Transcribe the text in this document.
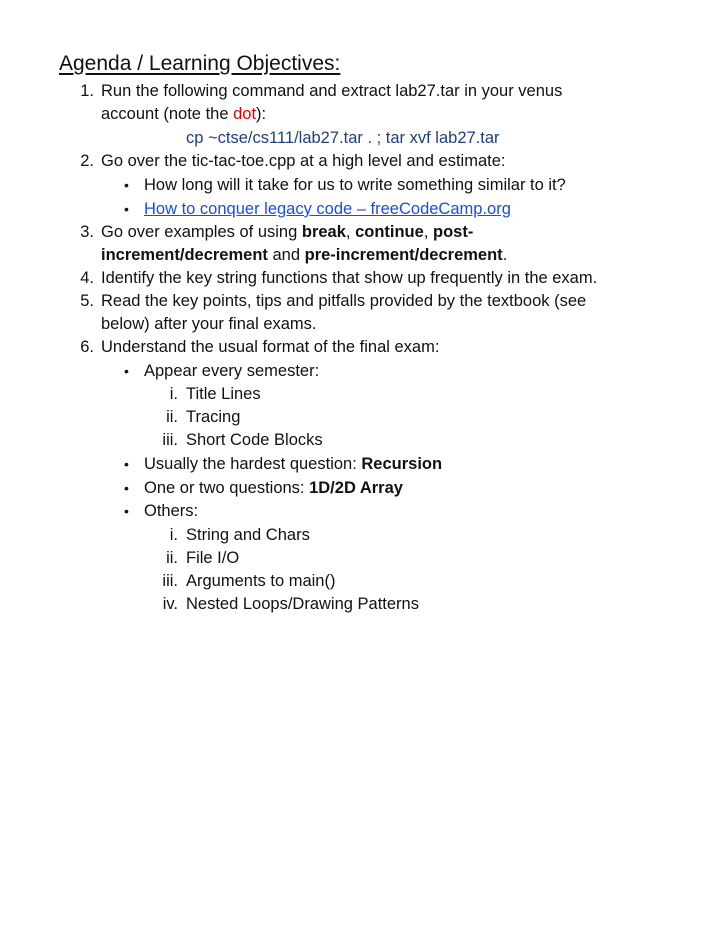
Agenda / Learning Objectives:
1. Run the following command and extract lab27.tar in your venus
account (note the dot):
cp ~ctse/cs111/lab27.tar . ; tar xvf lab27.tar
2. Go over the tic-tac-toe.cpp at a high level and estimate:
• How long will it take for us to write something similar to it?
• How to conquer legacy code – freeCodeCamp.org
3. Go over examples of using break, continue, post-
increment/decrement and pre-increment/decrement.
4. Identify the key string functions that show up frequently in the exam.
5. Read the key points, tips and pitfalls provided by the textbook (see
below) after your final exams.
6. Understand the usual format of the final exam:
• Appear every semester:
i. Title Lines
ii. Tracing
iii. Short Code Blocks
• Usually the hardest question: Recursion
• One or two questions: 1D/2D Array
• Others:
i. String and Chars
ii. File I/O
iii. Arguments to main()
iv. Nested Loops/Drawing Patterns
